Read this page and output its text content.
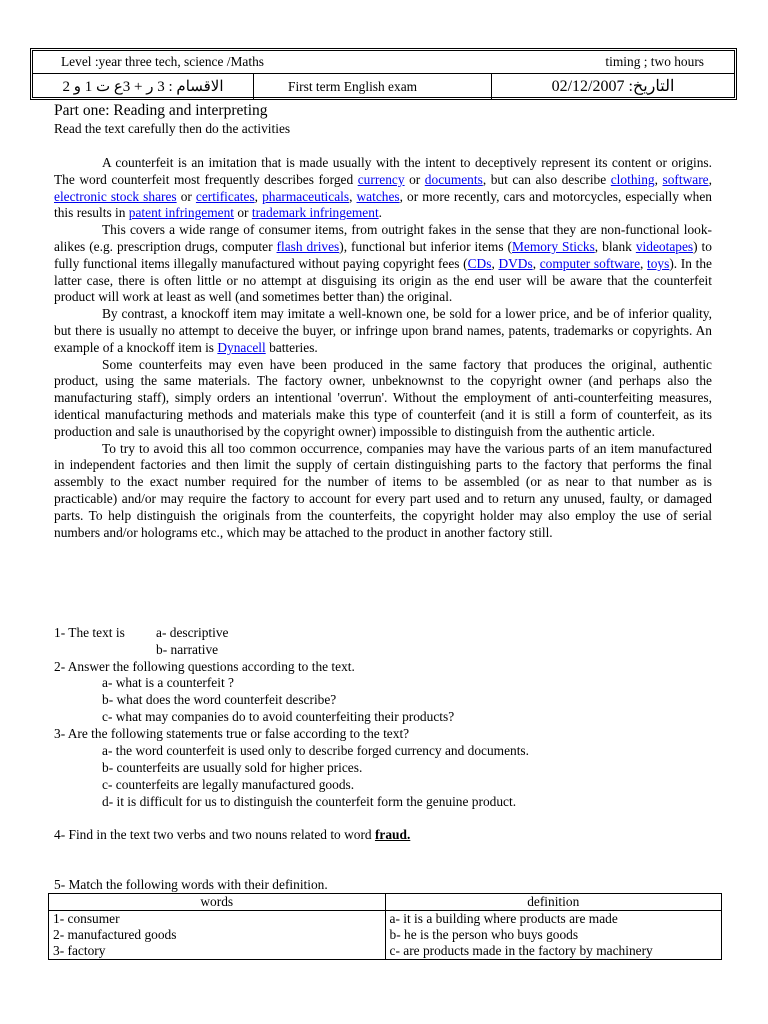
Level :year three tech, science /Maths	timing ; two hours
الاقسام : 3 ر + 3ع ت 1 و 2	First term English exam	التاريخ: 02/12/2007
Part one: Reading and interpreting
Read the text carefully then do the activities

A counterfeit is an imitation that is made usually with the intent to deceptively represent its content or origins. The word counterfeit most frequently describes forged currency or documents, but can also describe clothing, software, electronic stock shares or certificates, pharmaceuticals, watches, or more recently, cars and motorcycles, especially when this results in patent infringement or trademark infringement.

This covers a wide range of consumer items, from outright fakes in the sense that they are non-functional look-alikes (e.g. prescription drugs, computer flash drives), functional but inferior items (Memory Sticks, blank videotapes) to fully functional items illegally manufactured without paying copyright fees (CDs, DVDs, computer software, toys). In the latter case, there is often little or no attempt at disguising its origin as the end user will be aware that the counterfeit product will work at least as well (and sometimes better than) the original.

By contrast, a knockoff item may imitate a well-known one, be sold for a lower price, and be of inferior quality, but there is usually no attempt to deceive the buyer, or infringe upon brand names, patents, trademarks or copyrights. An example of a knockoff item is Dynacell batteries.

Some counterfeits may even have been produced in the same factory that produces the original, authentic product, using the same materials. The factory owner, unbeknownst to the copyright owner (and perhaps also the manufacturing staff), simply orders an intentional 'overrun'. Without the employment of anti-counterfeiting measures, identical manufacturing methods and materials make this type of counterfeit (and it is still a form of counterfeit, as its production and sale is unauthorised by the copyright owner) impossible to distinguish from the authentic article.

To try to avoid this all too common occurrence, companies may have the various parts of an item manufactured in independent factories and then limit the supply of certain distinguishing parts to the factory that performs the final assembly to the exact number required for the number of items to be assembled (or as near to that number as is practicable) and/or may require the factory to account for every part used and to return any unused, faulty, or damaged parts. To help distinguish the originals from the counterfeits, the copyright holder may also employ the use of serial numbers and/or holograms etc., which may be attached to the product in another factory still.

1- The text is a- descriptive
b- narrative
2- Answer the following questions according to the text.
a- what is a counterfeit ?
b- what does the word counterfeit describe?
c- what may companies do to avoid counterfeiting their products?
3- Are the following statements true or false according to the text?
a- the word counterfeit is used only to describe forged currency and documents.
b- counterfeits are usually sold for higher prices.
c- counterfeits are legally manufactured goods.
d- it is difficult for us to distinguish the counterfeit form the genuine product.
4- Find in the text two verbs and two nouns related to word fraud.
5- Match the following words with their definition.
words	definition
1- consumer	a- it is a building where products are made
2- manufactured goods	b- he is the person who buys goods
3- factory	c- are products made in the factory by machinery
